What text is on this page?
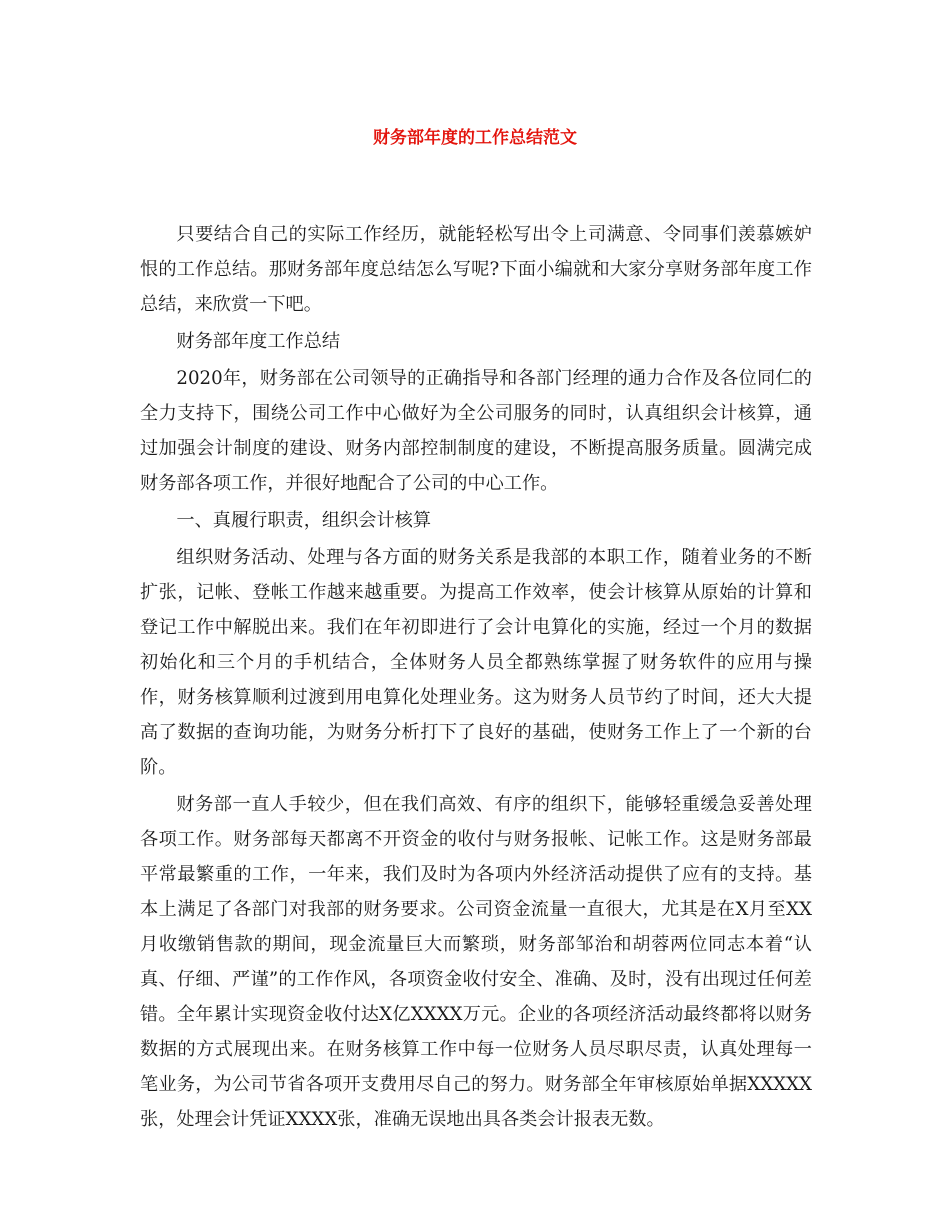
财务部年度的工作总结范文

只要结合自己的实际工作经历，就能轻松写出令上司满意、令同事们羡慕嫉妒恨的工作总结。那财务部年度总结怎么写呢?下面小编就和大家分享财务部年度工作总结，来欣赏一下吧。

财务部年度工作总结

2020年，财务部在公司领导的正确指导和各部门经理的通力合作及各位同仁的全力支持下，围绕公司工作中心做好为全公司服务的同时，认真组织会计核算，通过加强会计制度的建设、财务内部控制制度的建设，不断提高服务质量。圆满完成财务部各项工作，并很好地配合了公司的中心工作。

一、真履行职责，组织会计核算

组织财务活动、处理与各方面的财务关系是我部的本职工作，随着业务的不断扩张，记帐、登帐工作越来越重要。为提高工作效率，使会计核算从原始的计算和登记工作中解脱出来。我们在年初即进行了会计电算化的实施，经过一个月的数据初始化和三个月的手机结合，全体财务人员全都熟练掌握了财务软件的应用与操作，财务核算顺利过渡到用电算化处理业务。这为财务人员节约了时间，还大大提高了数据的查询功能，为财务分析打下了良好的基础，使财务工作上了一个新的台阶。

财务部一直人手较少，但在我们高效、有序的组织下，能够轻重缓急妥善处理各项工作。财务部每天都离不开资金的收付与财务报帐、记帐工作。这是财务部最平常最繁重的工作，一年来，我们及时为各项内外经济活动提供了应有的支持。基本上满足了各部门对我部的财务要求。公司资金流量一直很大，尤其是在X月至XX月收缴销售款的期间，现金流量巨大而繁琐，财务部邹治和胡蓉两位同志本着“认真、仔细、严谨”的工作作风，各项资金收付安全、准确、及时，没有出现过任何差错。全年累计实现资金收付达X亿XXXX万元。企业的各项经济活动最终都将以财务数据的方式展现出来。在财务核算工作中每一位财务人员尽职尽责，认真处理每一笔业务，为公司节省各项开支费用尽自己的努力。财务部全年审核原始单据XXXXX张，处理会计凭证XXXX张，准确无误地出具各类会计报表无数。
